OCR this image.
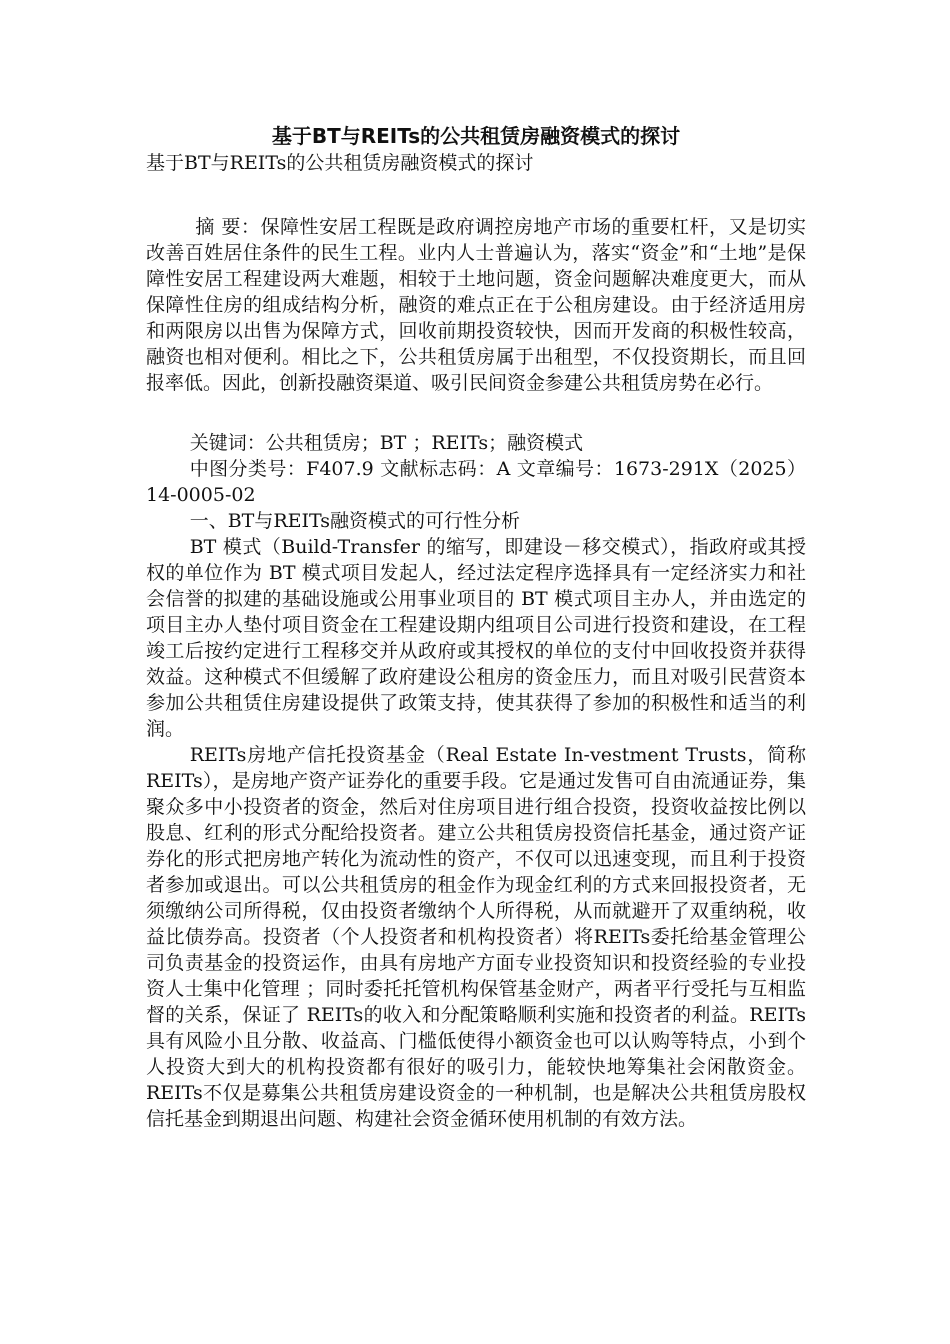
基于BT与REITs的公共租赁房融资模式的探讨
基于BT与REITs的公共租赁房融资模式的探讨

摘 要：保障性安居工程既是政府调控房地产市场的重要杠杆，又是切实改善百姓居住条件的民生工程。业内人士普遍认为，落实“资金”和“土地”是保障性安居工程建设两大难题，相较于土地问题，资金问题解决难度更大，而从保障性住房的组成结构分析，融资的难点正在于公租房建设。由于经济适用房和两限房以出售为保障方式，回收前期投资较快，因而开发商的积极性较高，融资也相对便利。相比之下，公共租赁房属于出租型，不仅投资期长，而且回报率低。因此，创新投融资渠道、吸引民间资金参建公共租赁房势在必行。

关键词：公共租赁房；BT ；REITs；融资模式

中图分类号：F407.9 文献标志码：A 文章编号：1673-291X（2025）14-0005-02

一、BT与REITs融资模式的可行性分析

BT 模式（Build-Transfer 的缩写，即建设－移交模式），指政府或其授权的单位作为 BT 模式项目发起人，经过法定程序选择具有一定经济实力和社会信誉的拟建的基础设施或公用事业项目的 BT 模式项目主办人，并由选定的项目主办人垫付项目资金在工程建设期内组项目公司进行投资和建设，在工程竣工后按约定进行工程移交并从政府或其授权的单位的支付中回收投资并获得效益。这种模式不但缓解了政府建设公租房的资金压力，而且对吸引民营资本参加公共租赁住房建设提供了政策支持，使其获得了参加的积极性和适当的利润。

REITs房地产信托投资基金（Real Estate In-vestment Trusts，简称REITs），是房地产资产证券化的重要手段。它是通过发售可自由流通证券，集聚众多中小投资者的资金，然后对住房项目进行组合投资，投资收益按比例以股息、红利的形式分配给投资者。建立公共租赁房投资信托基金，通过资产证券化的形式把房地产转化为流动性的资产，不仅可以迅速变现，而且利于投资者参加或退出。可以公共租赁房的租金作为现金红利的方式来回报投资者，无须缴纳公司所得税，仅由投资者缴纳个人所得税，从而就避开了双重纳税，收益比债券高。投资者（个人投资者和机构投资者）将REITs委托给基金管理公司负责基金的投资运作，由具有房地产方面专业投资知识和投资经验的专业投资人士集中化管理 ；同时委托托管机构保管基金财产，两者平行受托与互相监督的关系，保证了 REITs的收入和分配策略顺利实施和投资者的利益。REITs具有风险小且分散、收益高、门槛低使得小额资金也可以认购等特点，小到个人投资大到大的机构投资都有很好的吸引力，能较快地筹集社会闲散资金。REITs不仅是募集公共租赁房建设资金的一种机制，也是解决公共租赁房股权信托基金到期退出问题、构建社会资金循环使用机制的有效方法。
